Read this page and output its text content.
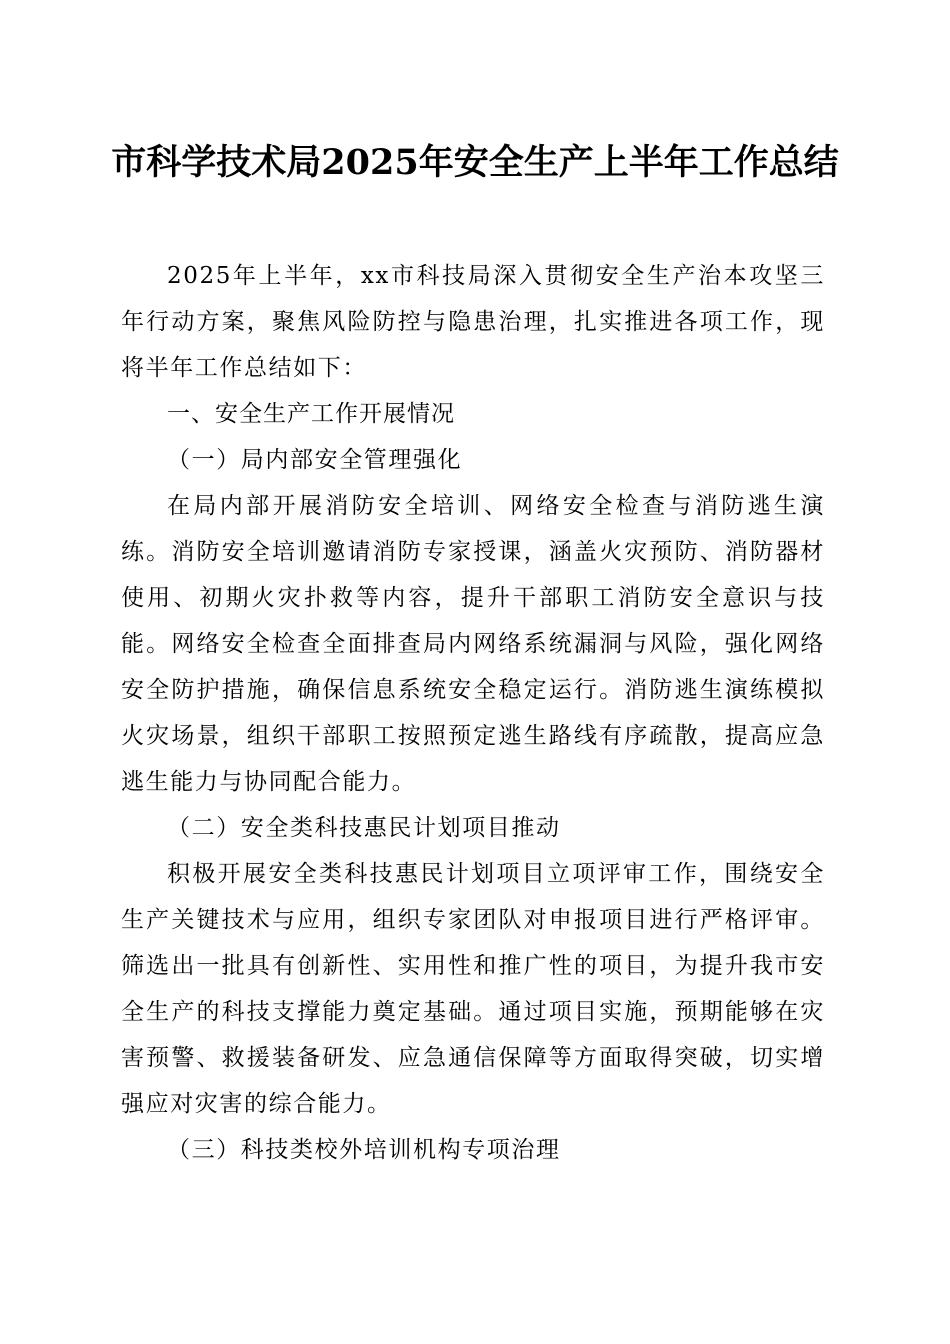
市科学技术局2025年安全生产上半年工作总结

2025年上半年，xx市科技局深入贯彻安全生产治本攻坚三年行动方案，聚焦风险防控与隐患治理，扎实推进各项工作，现将半年工作总结如下：

一、安全生产工作开展情况

（一）局内部安全管理强化

在局内部开展消防安全培训、网络安全检查与消防逃生演练。消防安全培训邀请消防专家授课，涵盖火灾预防、消防器材使用、初期火灾扑救等内容，提升干部职工消防安全意识与技能。网络安全检查全面排查局内网络系统漏洞与风险，强化网络安全防护措施，确保信息系统安全稳定运行。消防逃生演练模拟火灾场景，组织干部职工按照预定逃生路线有序疏散，提高应急逃生能力与协同配合能力。

（二）安全类科技惠民计划项目推动

积极开展安全类科技惠民计划项目立项评审工作，围绕安全生产关键技术与应用，组织专家团队对申报项目进行严格评审。筛选出一批具有创新性、实用性和推广性的项目，为提升我市安全生产的科技支撑能力奠定基础。通过项目实施，预期能够在灾害预警、救援装备研发、应急通信保障等方面取得突破，切实增强应对灾害的综合能力。

（三）科技类校外培训机构专项治理
